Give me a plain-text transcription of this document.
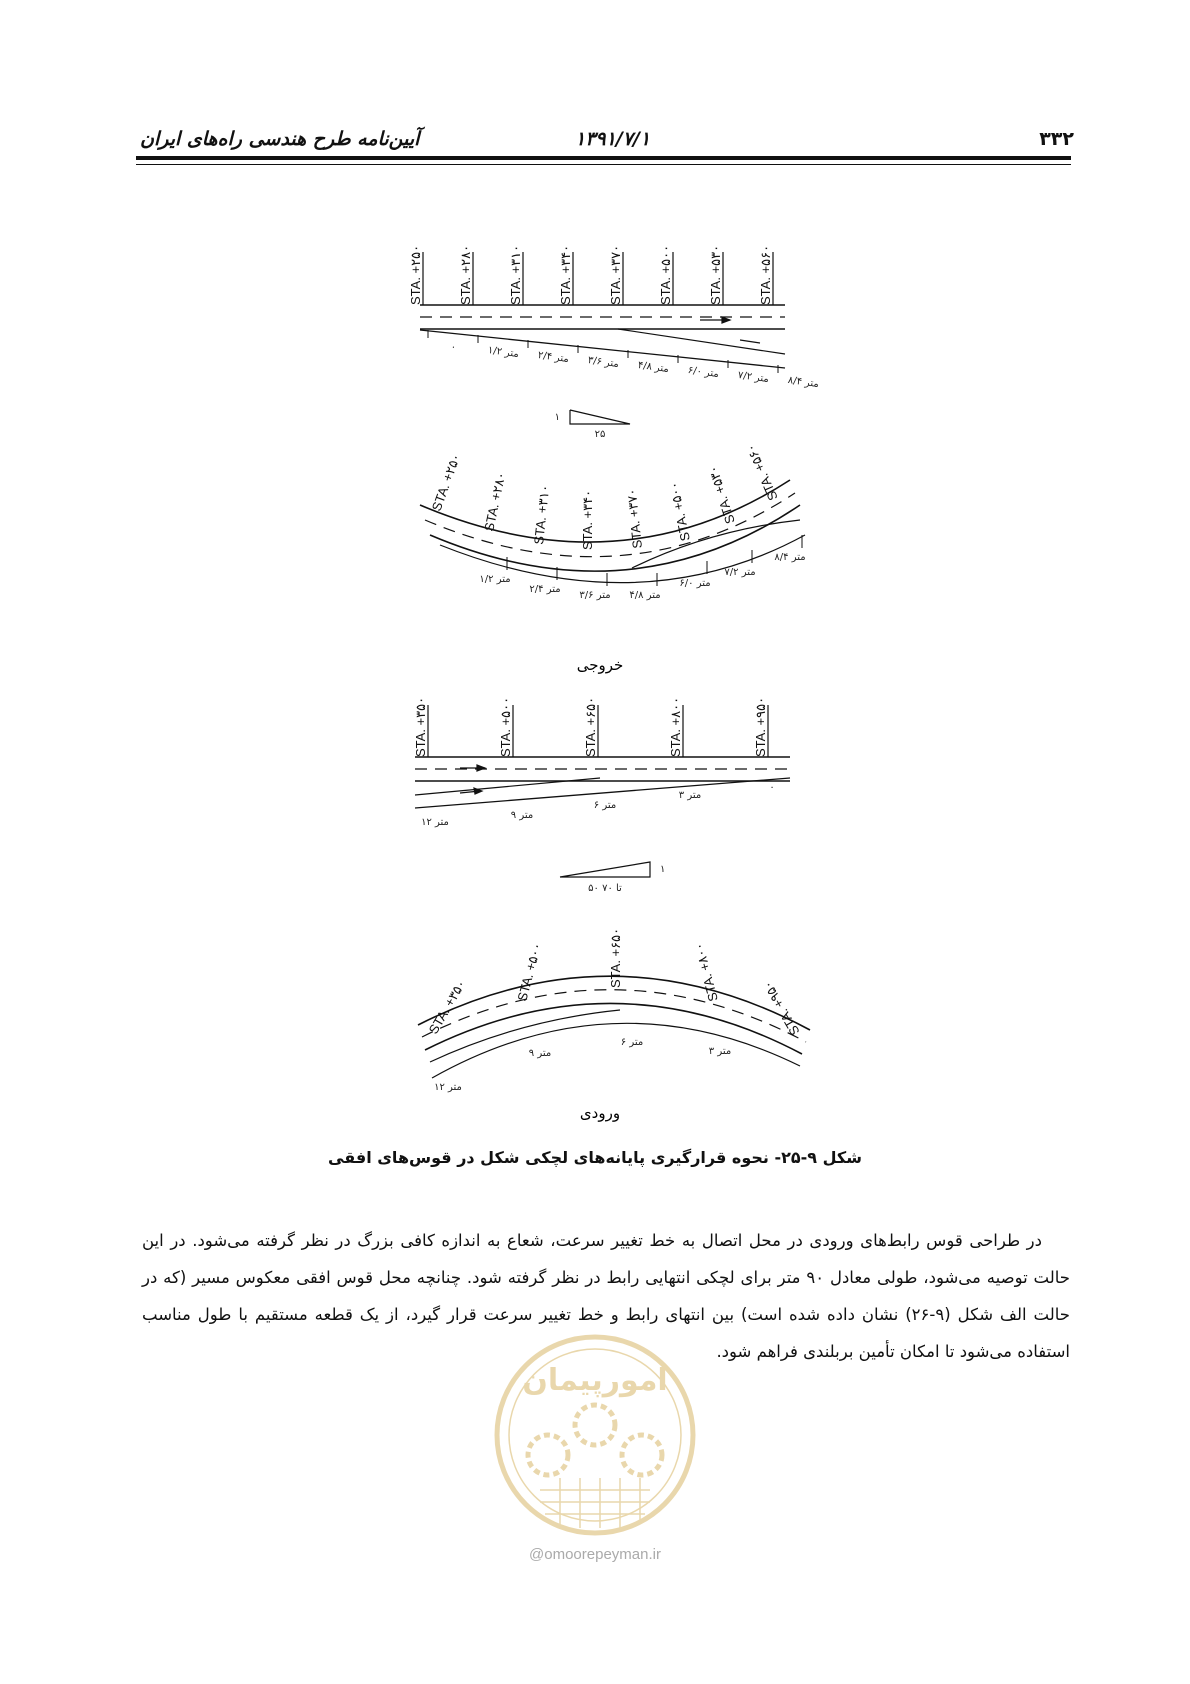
۳۳۲
۱۳۹۱/۷/۱
آیین‌نامه طرح هندسی راه‌های ایران
STA. +۲۵۰	STA. +۲۸۰	STA. +۳۱۰	STA. +۳۴۰	STA. +۳۷۰	STA. +۵۰۰	STA. +۵۳۰	STA. +۵۶۰
۰	۱/۲ متر ۲/۴ متر ۳/۶ متر ۴/۸ متر ۶/۰ متر ۷/۲ متر ۸/۴ متر
STA. +۲۵۰ STA. +۲۸۰ STA. +۳۱۰ STA. +۳۴۰ STA. +۳۷۰ STA. +۵۰۰ STA. +۵۳۰ STA. +۵۶۰
۱/۲ متر
۲/۴ متر
۳/۶ متر ۴/۸ متر
۶/۰ متر
۷/۲ متر
۸/۴ متر
STA. +۳۵۰	STA. +۵۰۰	STA. +۶۵۰	STA. +۸۰۰	STA. +۹۵۰
۱۲ متر
۹ متر
۶ متر
۳ متر
۰
STA. +۳۵۰
STA. +۵۰۰	STA. +۶۵۰	STA. +۸۰۰
STA. +۹۵۰
۹ متر
۶ متر
۳ متر
۱۲ متر
۱
۲۵
۱
۵۰ تا ۷۰
خروجی
ورودی
شکل ۹-۲۵- نحوه قرارگیری پایانه‌های لچکی شکل در قوس‌های افقی

در طراحی قوس رابط‌های ورودی در محل اتصال به خط تغییر سرعت، شعاع به اندازه کافی بزرگ در نظر گرفته می‌شود. در این حالت توصیه می‌شود، طولی معادل ۹۰ متر برای لچکی انتهایی رابط در نظر گرفته شود. چنانچه محل قوس افقی معکوس مسیر (که در حالت الف شکل (۹-۲۶) نشان داده شده است) بین انتهای رابط و خط تغییر سرعت قرار گیرد، از یک قطعه مستقیم با طول مناسب استفاده می‌شود تا امکان تأمین بربلندی فراهم شود.

امورپیمان
@omoorepeyman.ir
